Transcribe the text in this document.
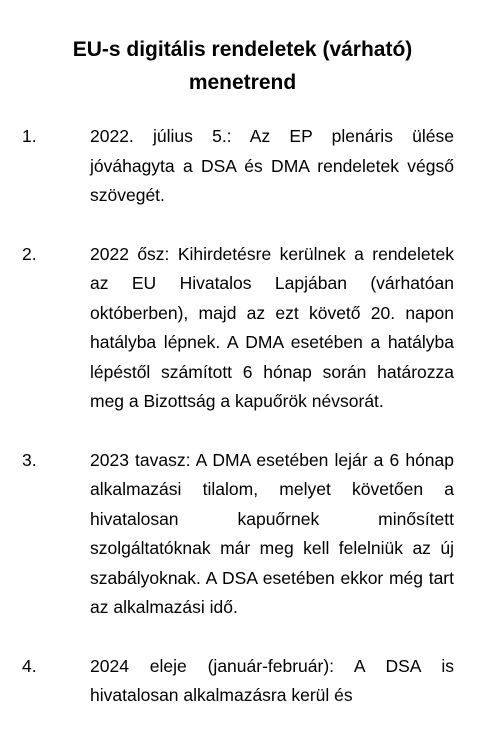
EU-s digitális rendeletek (várható)
menetrend
1.	2022. július 5.: Az EP plenáris ülése jóváhagyta a DSA és DMA rendeletek végső szövegét.
2.	2022 ősz: Kihirdetésre kerülnek a rendeletek az EU Hivatalos Lapjában (várhatóan októberben), majd az ezt követő 20. napon hatályba lépnek. A DMA esetében a hatályba lépéstől számított 6 hónap során határozza meg a Bizottság a kapuőrök névsorát.
3.	2023 tavasz: A DMA esetében lejár a 6 hónap alkalmazási tilalom, melyet követően a hivatalosan kapuőrnek minősített szolgáltatóknak már meg kell felelniük az új szabályoknak. A DSA esetében ekkor még tart az alkalmazási idő.
4.	2024 eleje (január-február): A DSA is hivatalosan alkalmazásra kerül és
